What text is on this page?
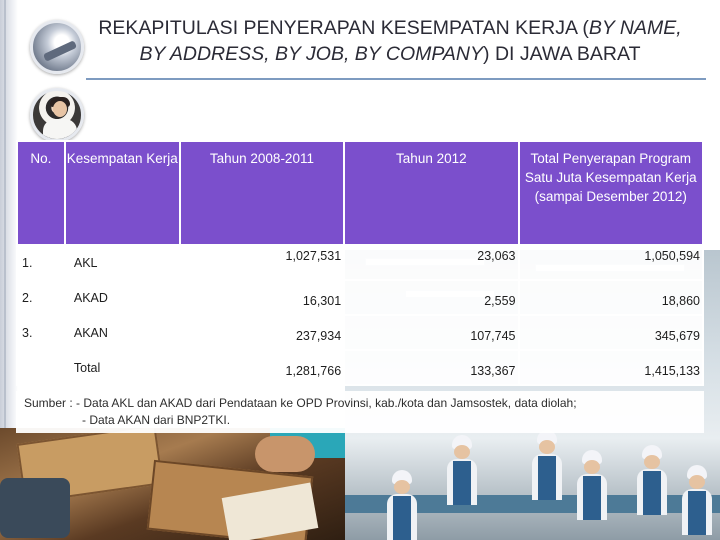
REKAPITULASI PENYERAPAN KESEMPATAN KERJA (BY NAME,
BY ADDRESS, BY JOB, BY COMPANY) DI JAWA BARAT
No.	Kesempatan Kerja	Tahun 2008-2011	Tahun 2012	Total Penyerapan Program Satu Juta Kesempatan Kerja (sampai Desember 2012)
1.	AKL	1,027,531	23,063	1,050,594
2.	AKAD	16,301	2,559	18,860
3.	AKAN	237,934	107,745	345,679
	Total	1,281,766	133,367	1,415,133
Sumber : - Data AKL dan AKAD dari Pendataan ke OPD Provinsi, kab./kota dan Jamsostek, data diolah;
- Data AKAN dari BNP2TKI.
